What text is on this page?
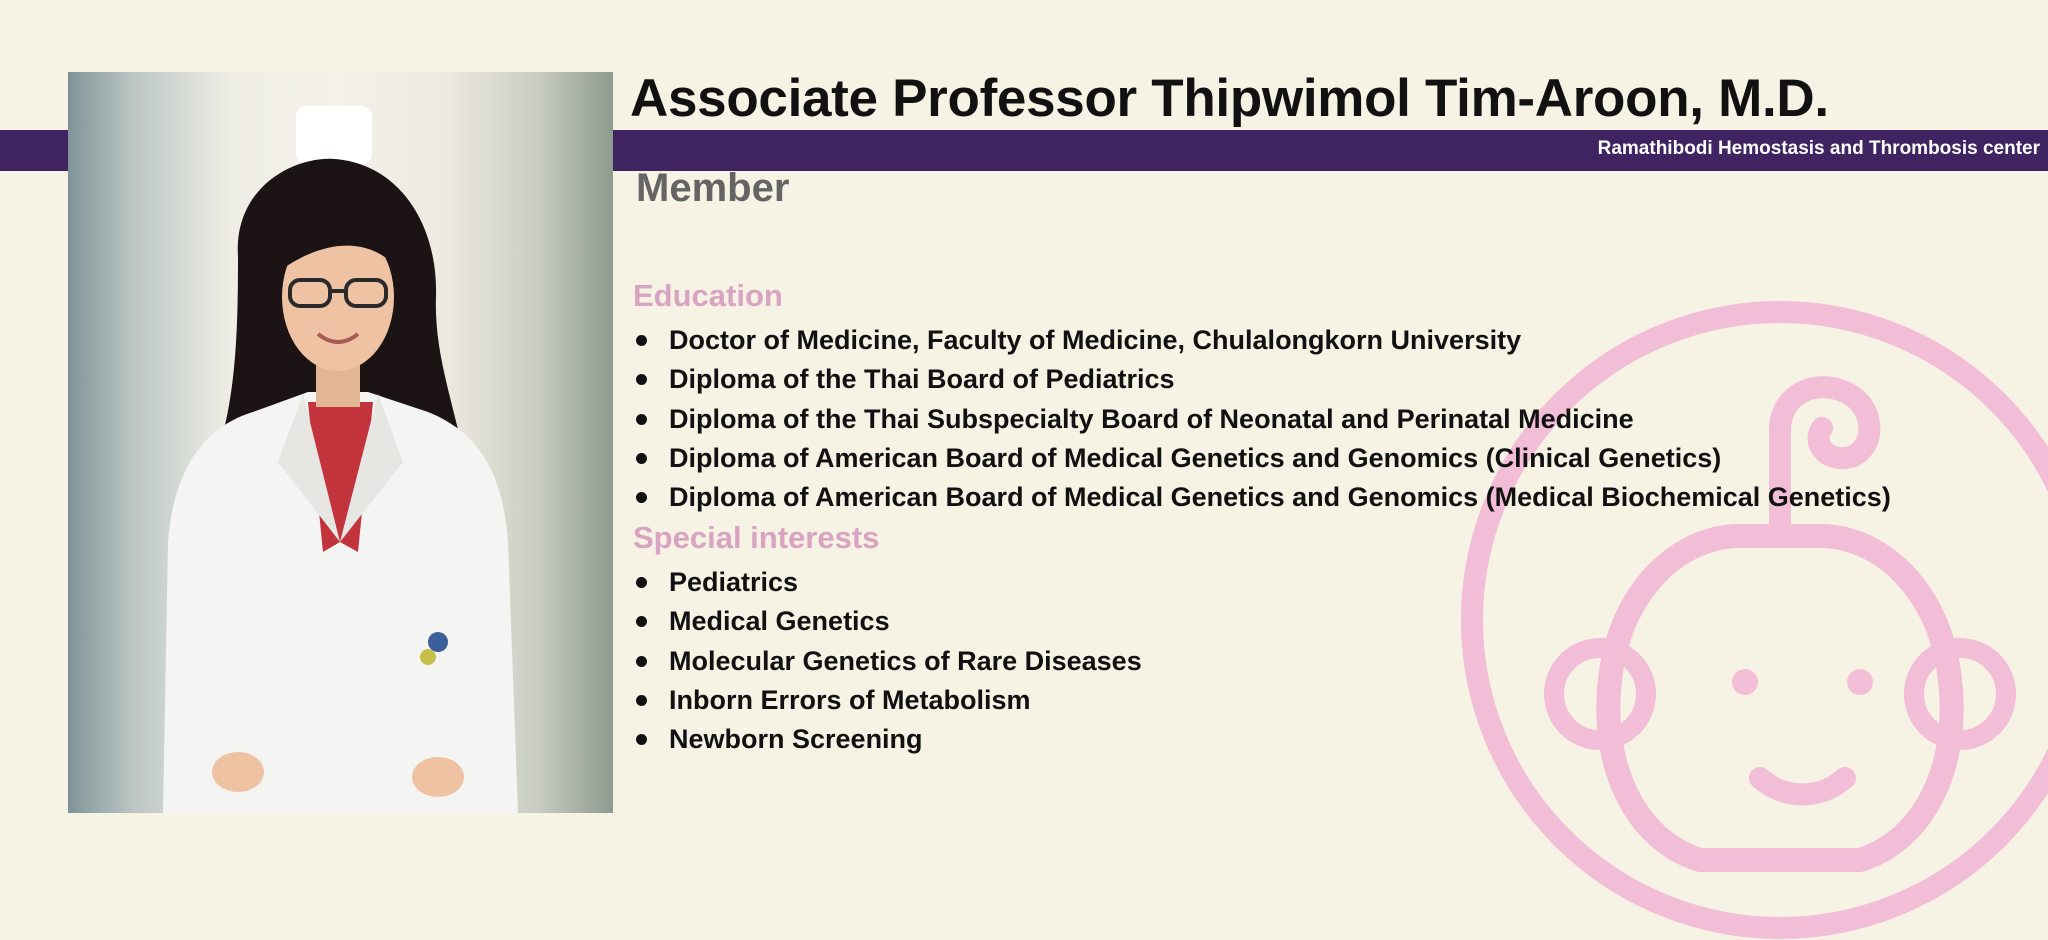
Ramathibodi Hemostasis and Thrombosis center
Associate Professor Thipwimol Tim-Aroon, M.D.
Member
Education
Doctor of Medicine, Faculty of Medicine, Chulalongkorn University
Diploma of the Thai Board of Pediatrics
Diploma of the Thai Subspecialty Board of Neonatal and Perinatal Medicine
Diploma of American Board of Medical Genetics and Genomics (Clinical Genetics)
Diploma of American Board of Medical Genetics and Genomics (Medical Biochemical Genetics)
Special interests
Pediatrics
Medical Genetics
Molecular Genetics of Rare Diseases
Inborn Errors of Metabolism
Newborn Screening
